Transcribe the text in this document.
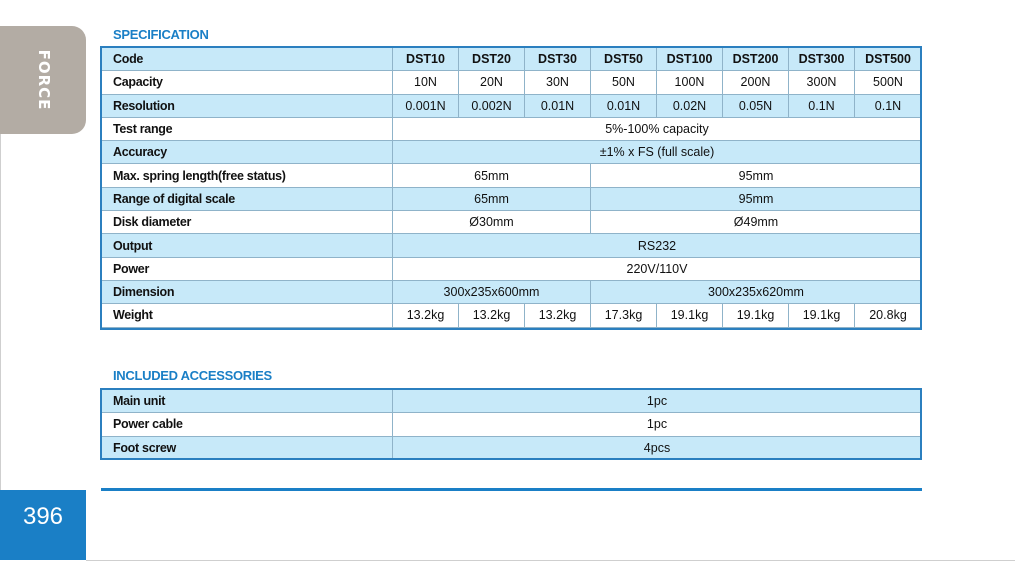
FORCE
396
SPECIFICATION
Code	DST10	DST20	DST30	DST50	DST100	DST200	DST300	DST500
Capacity	10N	20N	30N	50N	100N	200N	300N	500N
Resolution	0.001N	0.002N	0.01N	0.01N	0.02N	0.05N	0.1N	0.1N
Test range	5%-100% capacity							
Accuracy	±1% x FS (full scale)							
Max. spring length(free status)	65mm			95mm				
Range of digital scale	65mm			95mm				
Disk diameter	Ø30mm			Ø49mm				
Output	RS232							
Power	220V/110V							
Dimension	300x235x600mm			300x235x620mm				
Weight	13.2kg	13.2kg	13.2kg	17.3kg	19.1kg	19.1kg	19.1kg	20.8kg
INCLUDED ACCESSORIES
Main unit	1pc
Power cable	1pc
Foot screw	4pcs
